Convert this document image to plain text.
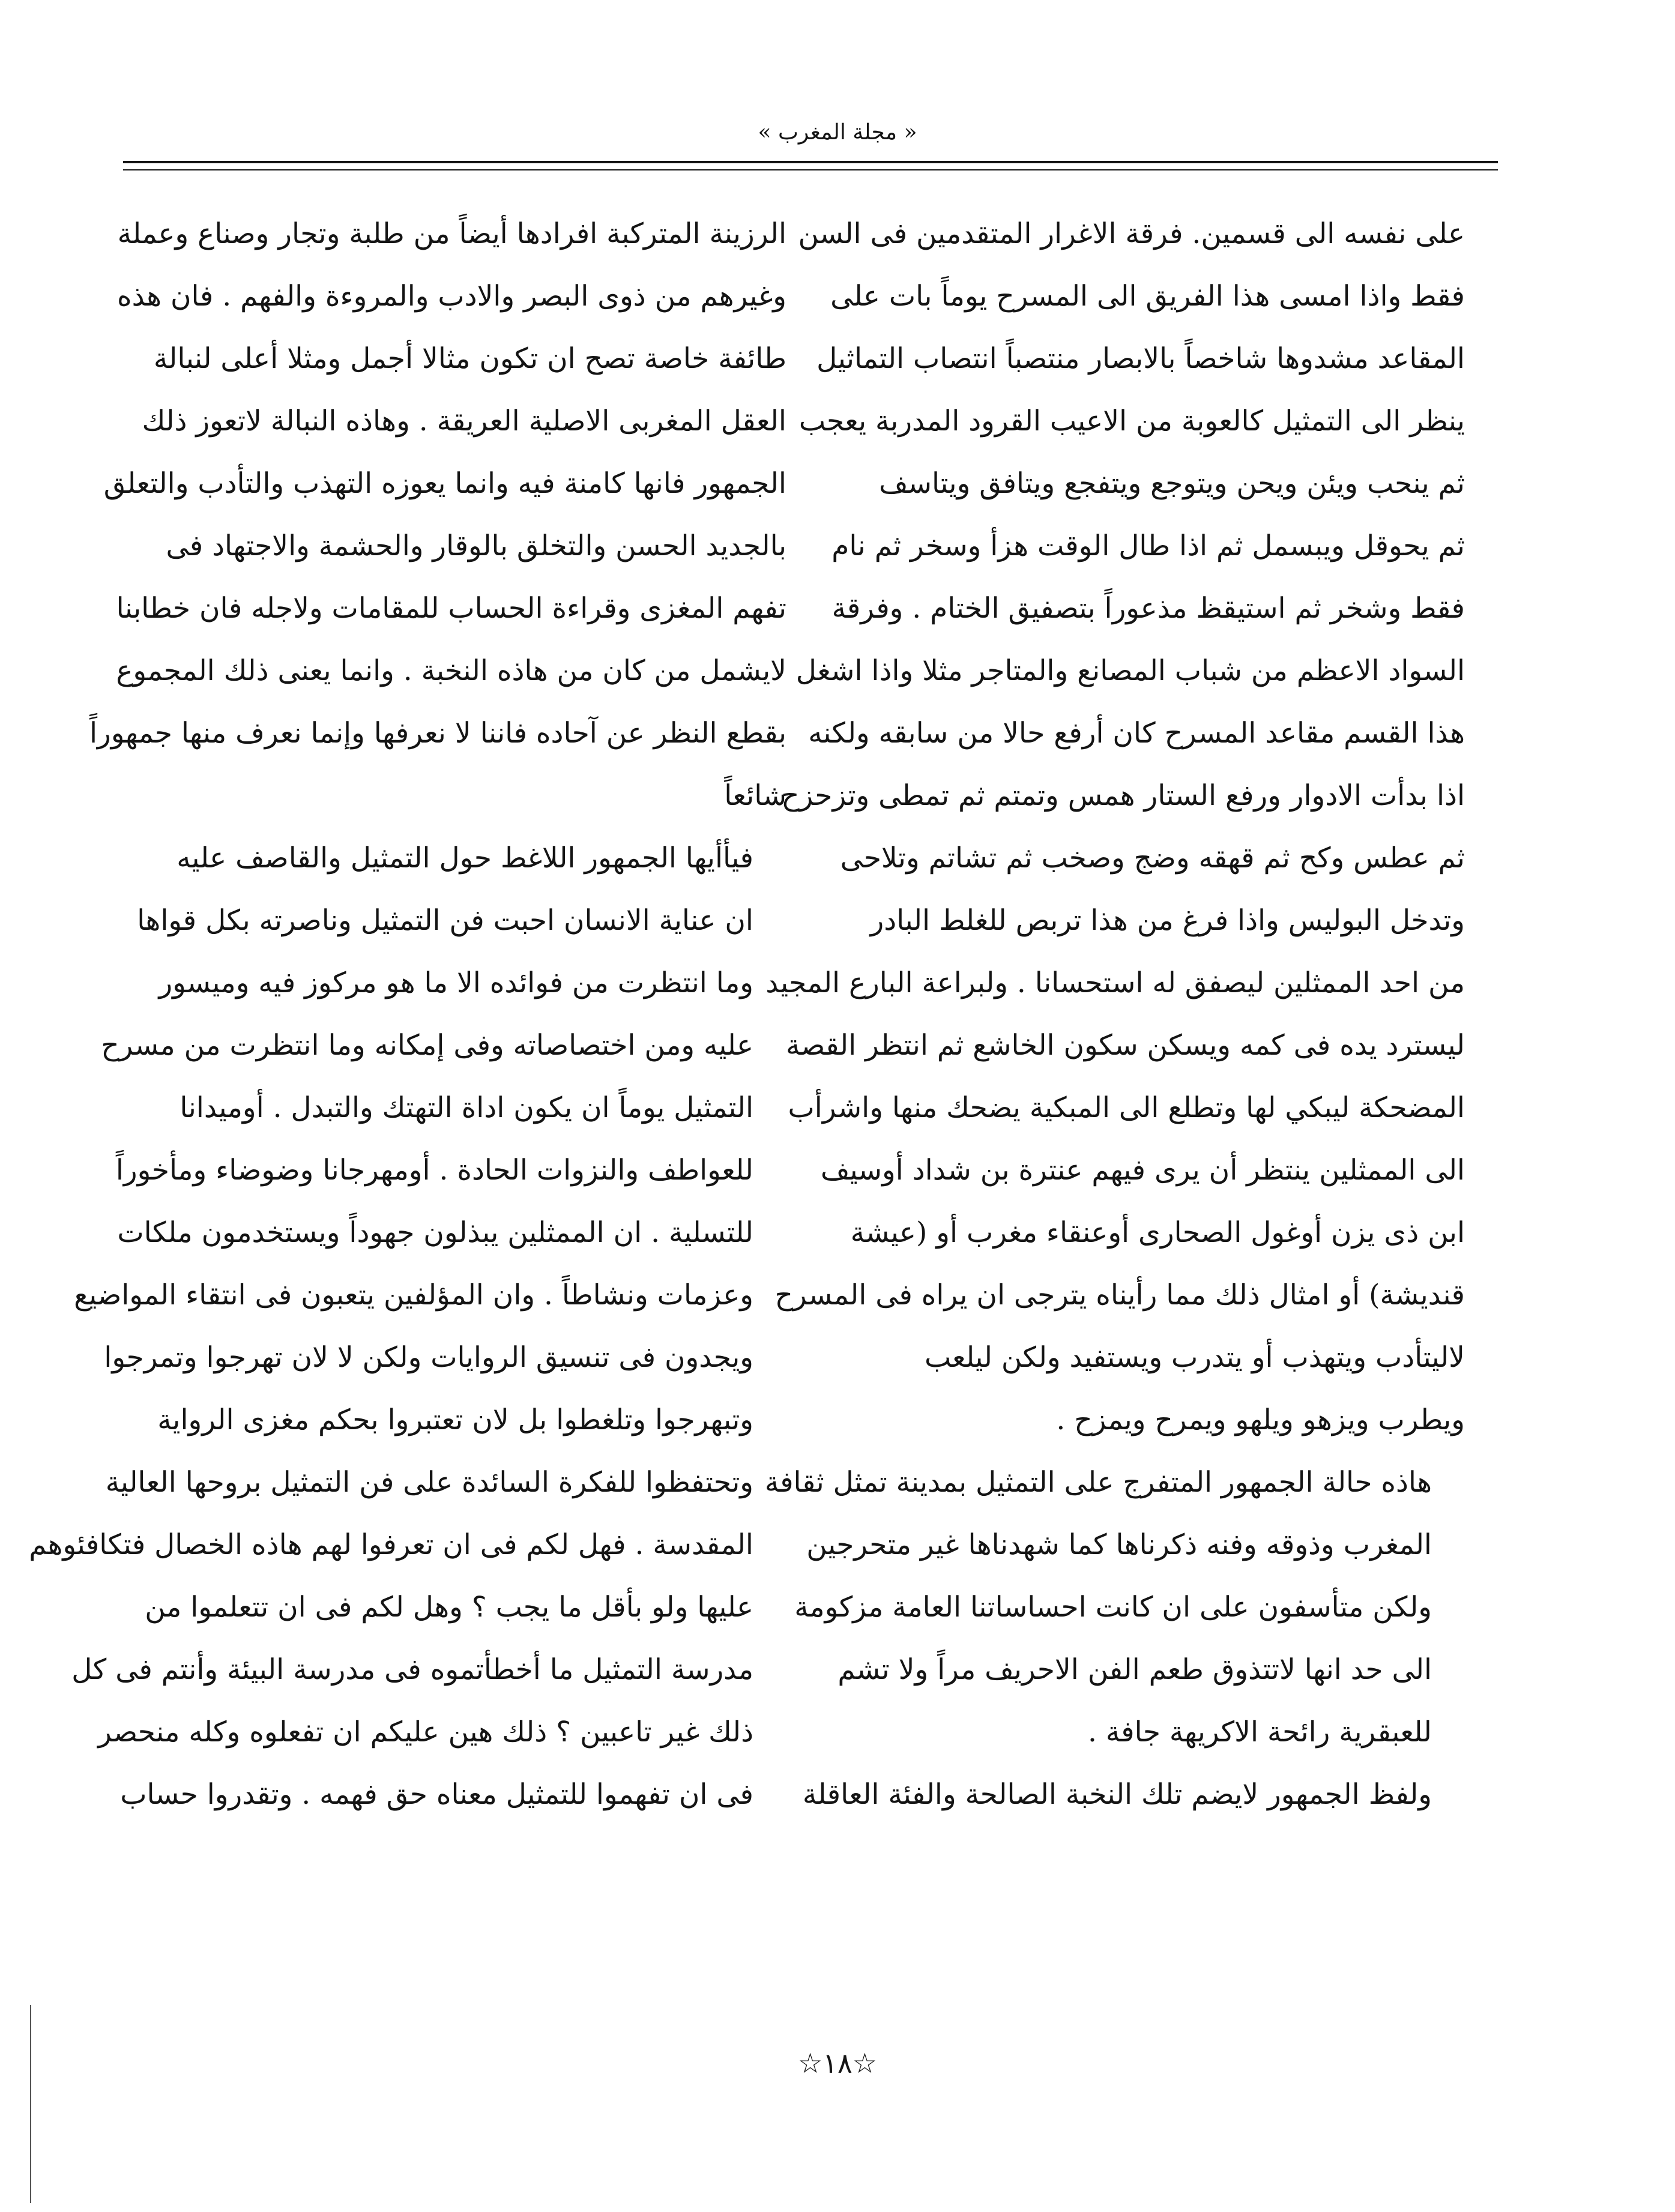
« مجلة المغرب »

على نفسه الى قسمين. فرقة الاغرار المتقدمين فى السن
فقط واذا امسى هذا الفريق الى المسرح يوماً بات على
المقاعد مشدوها شاخصاً بالابصار منتصباً انتصاب التماثيل
ينظر الى التمثيل كالعوبة من الاعيب القرود المدربة يعجب
ثم ينحب ويئن ويحن ويتوجع ويتفجع ويتافق ويتاسف
ثم يحوقل ويبسمل ثم اذا طال الوقت هزأ وسخر ثم نام
فقط وشخر ثم استيقظ مذعوراً بتصفيق الختام . وفرقة
السواد الاعظم من شباب المصانع والمتاجر مثلا واذا اشغل
هذا القسم مقاعد المسرح كان أرفع حالا من سابقه ولكنه
اذا بدأت الادوار ورفع الستار همس وتمتم ثم تمطى وتزحزح
ثم عطس وكح ثم قهقه وضج وصخب ثم تشاتم وتلاحى
وتدخل البوليس واذا فرغ من هذا تربص للغلط البادر
من احد الممثلين ليصفق له استحسانا . ولبراعة البارع المجيد
ليسترد يده فى كمه ويسكن سكون الخاشع ثم انتظر القصة
المضحكة ليبكي لها وتطلع الى المبكية يضحك منها واشرأب
الى الممثلين ينتظر أن يرى فيهم عنترة بن شداد أوسيف
ابن ذى يزن أوغول الصحارى أوعنقاء مغرب أو (عيشة
قنديشة) أو امثال ذلك مما رأيناه يترجى ان يراه فى المسرح
لاليتأدب ويتهذب أو يتدرب ويستفيد ولكن ليلعب
ويطرب ويزهو ويلهو ويمرح ويمزح .

هاذه حالة الجمهور المتفرج على التمثيل بمدينة تمثل ثقافة
المغرب وذوقه وفنه ذكرناها كما شهدناها غير متحرجين
ولكن متأسفون على ان كانت احساساتنا العامة مزكومة
الى حد انها لاتتذوق طعم الفن الاحريف مراً ولا تشم
للعبقرية رائحة الاكريهة جافة .

ولفظ الجمهور لايضم تلك النخبة الصالحة والفئة العاقلة

الرزينة المتركبة افرادها أيضاً من طلبة وتجار وصناع وعملة
وغيرهم من ذوى البصر والادب والمروءة والفهم . فان هذه
طائفة خاصة تصح ان تكون مثالا أجمل ومثلا أعلى لنبالة
العقل المغربى الاصلية العريقة . وهاذه النبالة لاتعوز ذلك
الجمهور فانها كامنة فيه وانما يعوزه التهذب والتأدب والتعلق
بالجديد الحسن والتخلق بالوقار والحشمة والاجتهاد فى
تفهم المغزى وقراءة الحساب للمقامات ولاجله فان خطابنا
لايشمل من كان من هاذه النخبة . وانما يعنى ذلك المجموع
بقطع النظر عن آحاده فاننا لا نعرفها وإنما نعرف منها جمهوراً
شائعاً

فيأأيها الجمهور اللاغط حول التمثيل والقاصف عليه
ان عناية الانسان احبت فن التمثيل وناصرته بكل قواها
وما انتظرت من فوائده الا ما هو مركوز فيه وميسور
عليه ومن اختصاصاته وفى إمكانه وما انتظرت من مسرح
التمثيل يوماً ان يكون اداة التهتك والتبدل . أوميدانا
للعواطف والنزوات الحادة . أومهرجانا وضوضاء ومأخوراً
للتسلية . ان الممثلين يبذلون جهوداً ويستخدمون ملكات
وعزمات ونشاطاً . وان المؤلفين يتعبون فى انتقاء المواضيع
ويجدون فى تنسيق الروايات ولكن لا لان تهرجوا وتمرجوا
وتبهرجوا وتلغطوا بل لان تعتبروا بحكم مغزى الرواية
وتحتفظوا للفكرة السائدة على فن التمثيل بروحها العالية
المقدسة . فهل لكم فى ان تعرفوا لهم هاذه الخصال فتكافئوهم
عليها ولو بأقل ما يجب ؟ وهل لكم فى ان تتعلموا من
مدرسة التمثيل ما أخطأتموه فى مدرسة البيئة وأنتم فى كل
ذلك غير تاعبين ؟ ذلك هين عليكم ان تفعلوه وكله منحصر
فى ان تفهموا للتمثيل معناه حق فهمه . وتقدروا حساب

☆١٨☆
